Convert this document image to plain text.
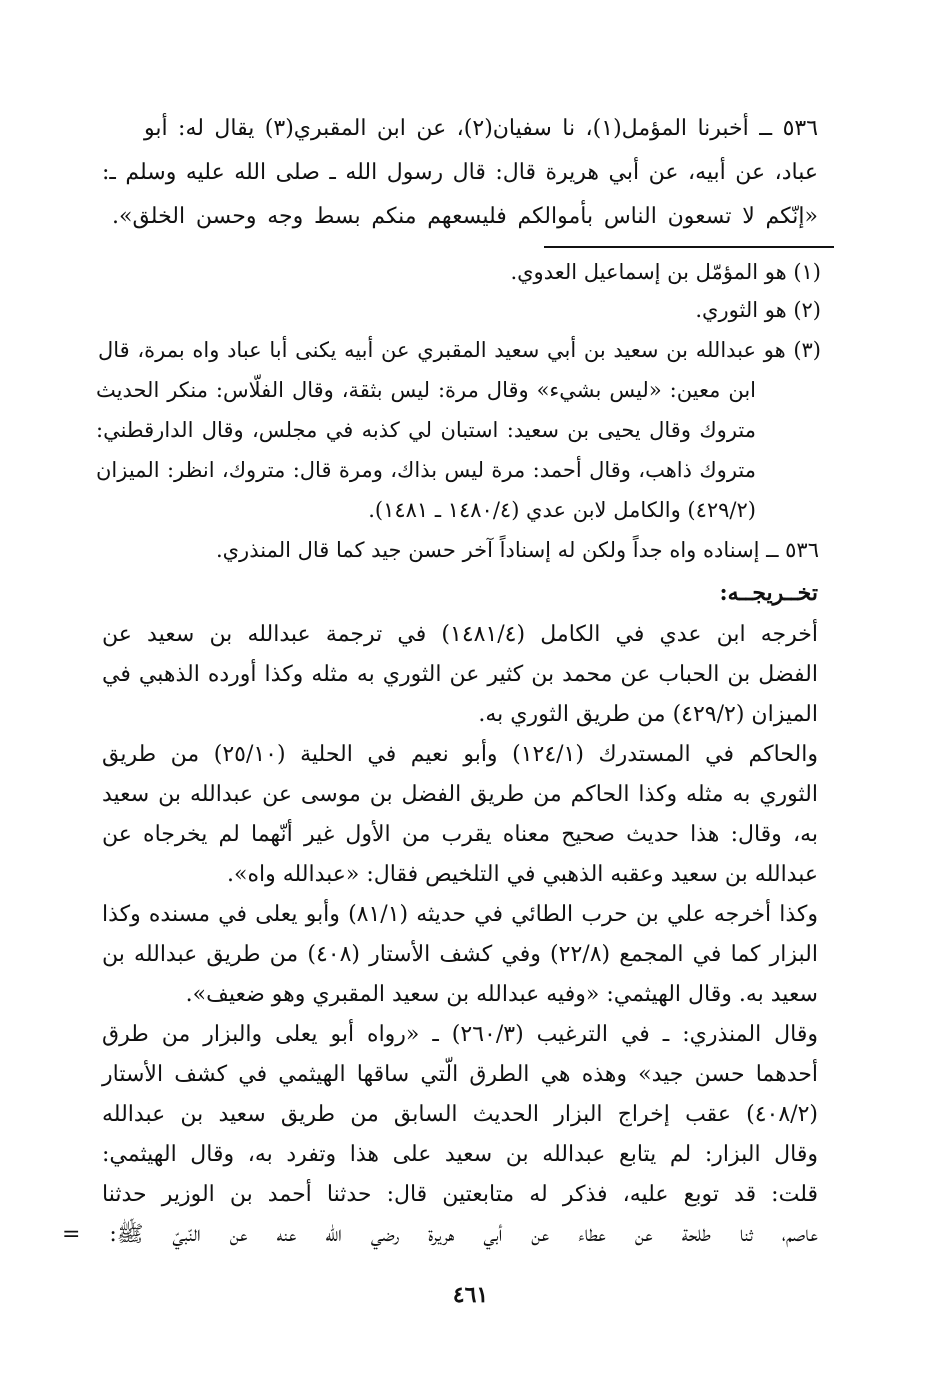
٥٣٦ ــ أخبرنا المؤمل(١)، نا سفيان(٢)، عن ابن المقبري(٣) يقال له: أبو
عباد، عن أبيه، عن أبي هريرة قال: قال رسول الله ـ صلى الله عليه وسلم ـ:
«إنّكم لا تسعون الناس بأموالكم فليسعهم منكم بسط وجه وحسن الخلق».
(١) هو المؤمّل بن إسماعيل العدوي.
(٢) هو الثوري.
(٣) هو عبدالله بن سعيد بن أبي سعيد المقبري عن أبيه يكنى أبا عباد واه بمرة، قال
ابن معين: «ليس بشيء» وقال مرة: ليس بثقة، وقال الفلّاس: منكر الحديث
متروك وقال يحيى بن سعيد: استبان لي كذبه في مجلس، وقال الدارقطني:
متروك ذاهب، وقال أحمد: مرة ليس بذاك، ومرة قال: متروك، انظر: الميزان
(٤٢٩/٢) والكامل لابن عدي (١٤٨٠/٤ ـ ١٤٨١).
٥٣٦ ــ إسناده واه جداً ولكن له إسناداً آخر حسن جيد كما قال المنذري.
تخــريجــه:
أخرجه ابن عدي في الكامل (١٤٨١/٤) في ترجمة عبدالله بن سعيد عن
الفضل بن الحباب عن محمد بن كثير عن الثوري به مثله وكذا أورده الذهبي في
الميزان (٤٢٩/٢) من طريق الثوري به.
والحاكم في المستدرك (١٢٤/١) وأبو نعيم في الحلية (٢٥/١٠) من طريق
الثوري به مثله وكذا الحاكم من طريق الفضل بن موسى عن عبدالله بن سعيد
به، وقال: هذا حديث صحيح معناه يقرب من الأول غير أنّهما لم يخرجاه عن
عبدالله بن سعيد وعقبه الذهبي في التلخيص فقال: «عبدالله واه».
وكذا أخرجه علي بن حرب الطائي في حديثه (٨١/١) وأبو يعلى في مسنده وكذا
البزار كما في المجمع (٢٢/٨) وفي كشف الأستار (٤٠٨) من طريق عبدالله بن
سعيد به. وقال الهيثمي: «وفيه عبدالله بن سعيد المقبري وهو ضعيف».
وقال المنذري: ـ في الترغيب (٢٦٠/٣) ـ «رواه أبو يعلى والبزار من طرق
أحدهما حسن جيد» وهذه هي الطرق الّتي ساقها الهيثمي في كشف الأستار
(٤٠٨/٢) عقب إخراج البزار الحديث السابق من طريق سعيد بن عبدالله
وقال البزار: لم يتابع عبدالله بن سعيد على هذا وتفرد به، وقال الهيثمي:
قلت: قد توبع عليه، فذكر له متابعتين قال: حدثنا أحمد بن الوزير حدثنا
عاصم، ثنا طلحة عن عطاء عن أبي هريرة رضي الله عنه عن النّبيّ ﷺ: =
٤٦١
